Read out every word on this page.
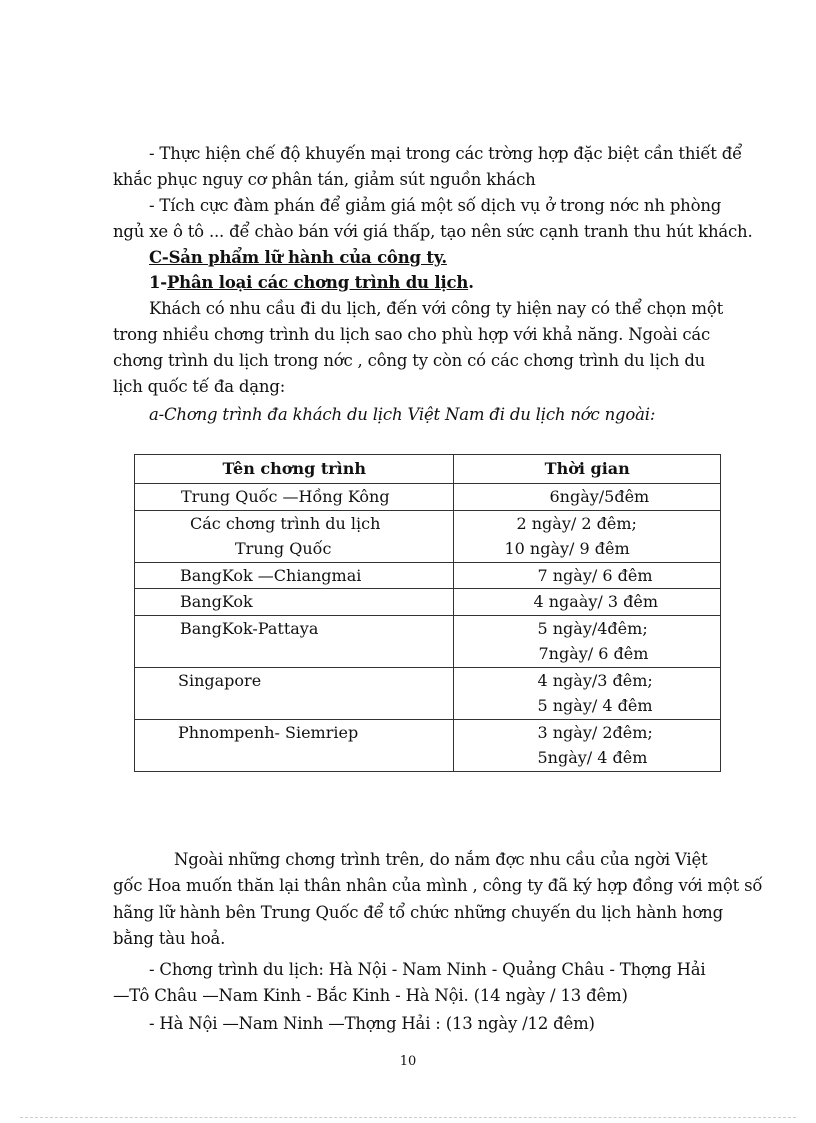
- Thực hiện chế độ khuyến mại trong các trờng hợp đặc biệt cần thiết để
khắc phục nguy cơ phân tán, giảm sút nguồn khách
- Tích cực đàm phán để giảm giá một số dịch vụ ở trong nớc nh phòng
ngủ xe ô tô ... để chào bán với giá thấp, tạo nên sức cạnh tranh thu hút khách.
C-Sản phẩm lữ hành của công ty.
1-Phân loại các chơng trình du lịch.
Khách có nhu cầu đi du lịch, đến với công ty hiện nay có thể chọn một
trong nhiều chơng trình du lịch sao cho phù hợp với khả năng. Ngoài các
chơng trình du lịch trong nớc , công ty còn có các chơng trình du lịch du
lịch quốc tế đa dạng:
a-Chơng trình đa khách du lịch Việt Nam đi du lịch nớc ngoài:
Tên chơng trình	Thời gian

Trung Quốc —Hồng Kông	6ngày/5đêm

Các chơng trình du lịch
Trung Quốc	2 ngày/ 2 đêm;
10 ngày/ 9 đêm

BangKok —Chiangmai	7 ngày/ 6 đêm

BangKok	4 ngaày/ 3 đêm

BangKok-Pattaya	5 ngày/4đêm;
7ngày/ 6 đêm

Singapore	4 ngày/3 đêm;
5 ngày/ 4 đêm

Phnompenh- Siemriep	3 ngày/ 2đêm;
5ngày/ 4 đêm
Ngoài những chơng trình trên, do nắm đợc nhu cầu của ngời Việt
gốc Hoa muốn thăn lại thân nhân của mình , công ty đã ký hợp đồng với một số
hãng lữ hành bên Trung Quốc để tổ chức những chuyến du lịch hành hơng
bằng tàu hoả.
- Chơng trình du lịch: Hà Nội - Nam Ninh - Quảng Châu - Thợng Hải
—Tô Châu —Nam Kinh - Bắc Kinh - Hà Nội. (14 ngày / 13 đêm)
- Hà Nội —Nam Ninh —Thợng Hải : (13 ngày /12 đêm)
10
